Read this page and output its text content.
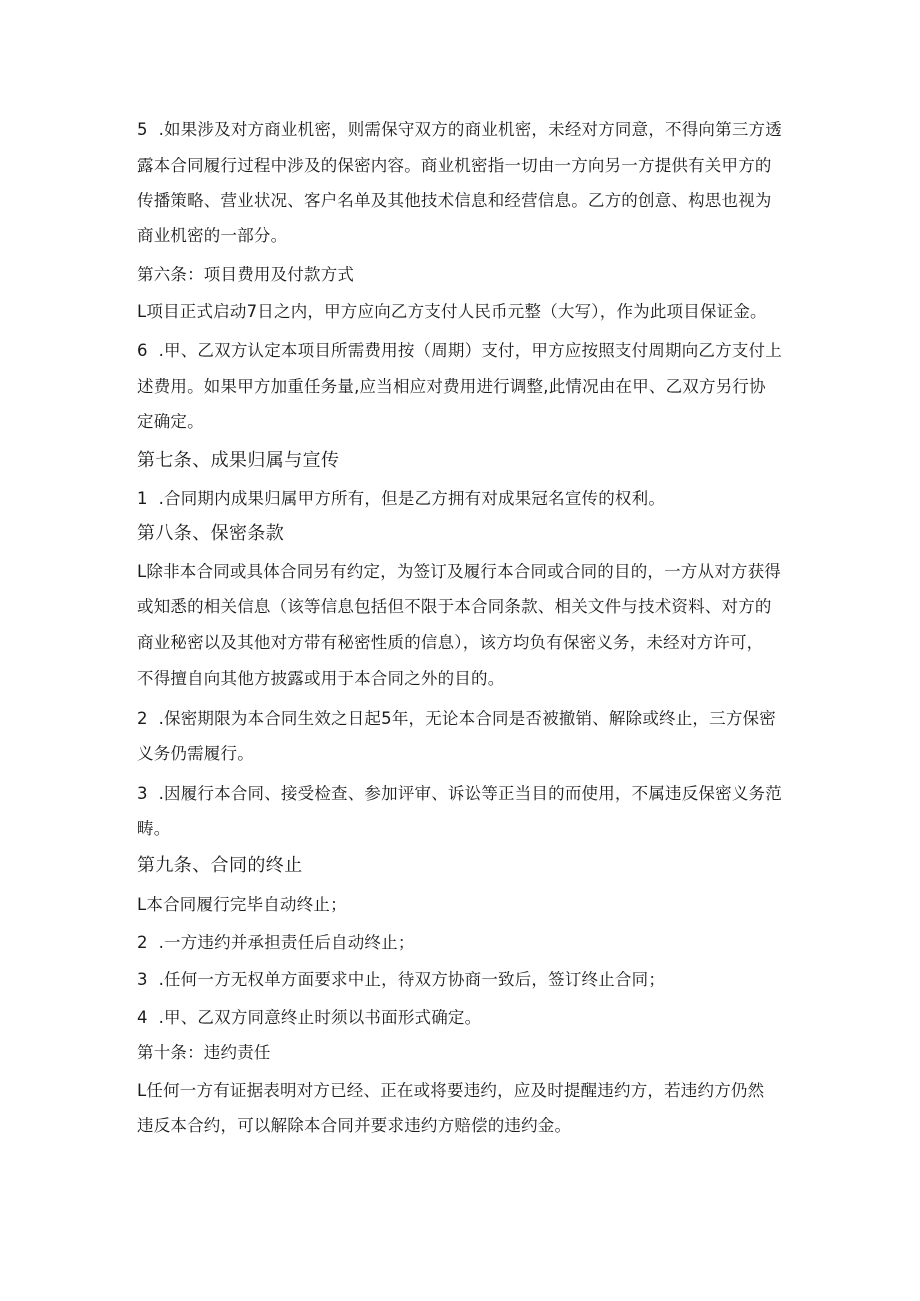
5  .如果涉及对方商业机密，则需保守双方的商业机密，未经对方同意，不得向第三方透
露本合同履行过程中涉及的保密内容。商业机密指一切由一方向另一方提供有关甲方的
传播策略、营业状况、客户名单及其他技术信息和经营信息。乙方的创意、构思也视为
商业机密的一部分。
第六条：项目费用及付款方式
L项目正式启动7日之内，甲方应向乙方支付人民币元整（大写），作为此项目保证金。
6  .甲、乙双方认定本项目所需费用按（周期）支付，甲方应按照支付周期向乙方支付上
述费用。如果甲方加重任务量,应当相应对费用进行调整,此情况由在甲、乙双方另行协
定确定。
第七条、成果归属与宣传
1  .合同期内成果归属甲方所有，但是乙方拥有对成果冠名宣传的权利。
第八条、保密条款
L除非本合同或具体合同另有约定，为签订及履行本合同或合同的目的，一方从对方获得
或知悉的相关信息（该等信息包括但不限于本合同条款、相关文件与技术资料、对方的
商业秘密以及其他对方带有秘密性质的信息），该方均负有保密义务，未经对方许可，
不得擅自向其他方披露或用于本合同之外的目的。
2  .保密期限为本合同生效之日起5年，无论本合同是否被撤销、解除或终止，三方保密
义务仍需履行。
3  .因履行本合同、接受检查、参加评审、诉讼等正当目的而使用，不属违反保密义务范
畴。
第九条、合同的终止
L本合同履行完毕自动终止；
2  .一方违约并承担责任后自动终止；
3  .任何一方无权单方面要求中止，待双方协商一致后，签订终止合同；
4  .甲、乙双方同意终止时须以书面形式确定。
第十条：违约责任
L任何一方有证据表明对方已经、正在或将要违约，应及时提醒违约方，若违约方仍然
违反本合约，可以解除本合同并要求违约方赔偿的违约金。
